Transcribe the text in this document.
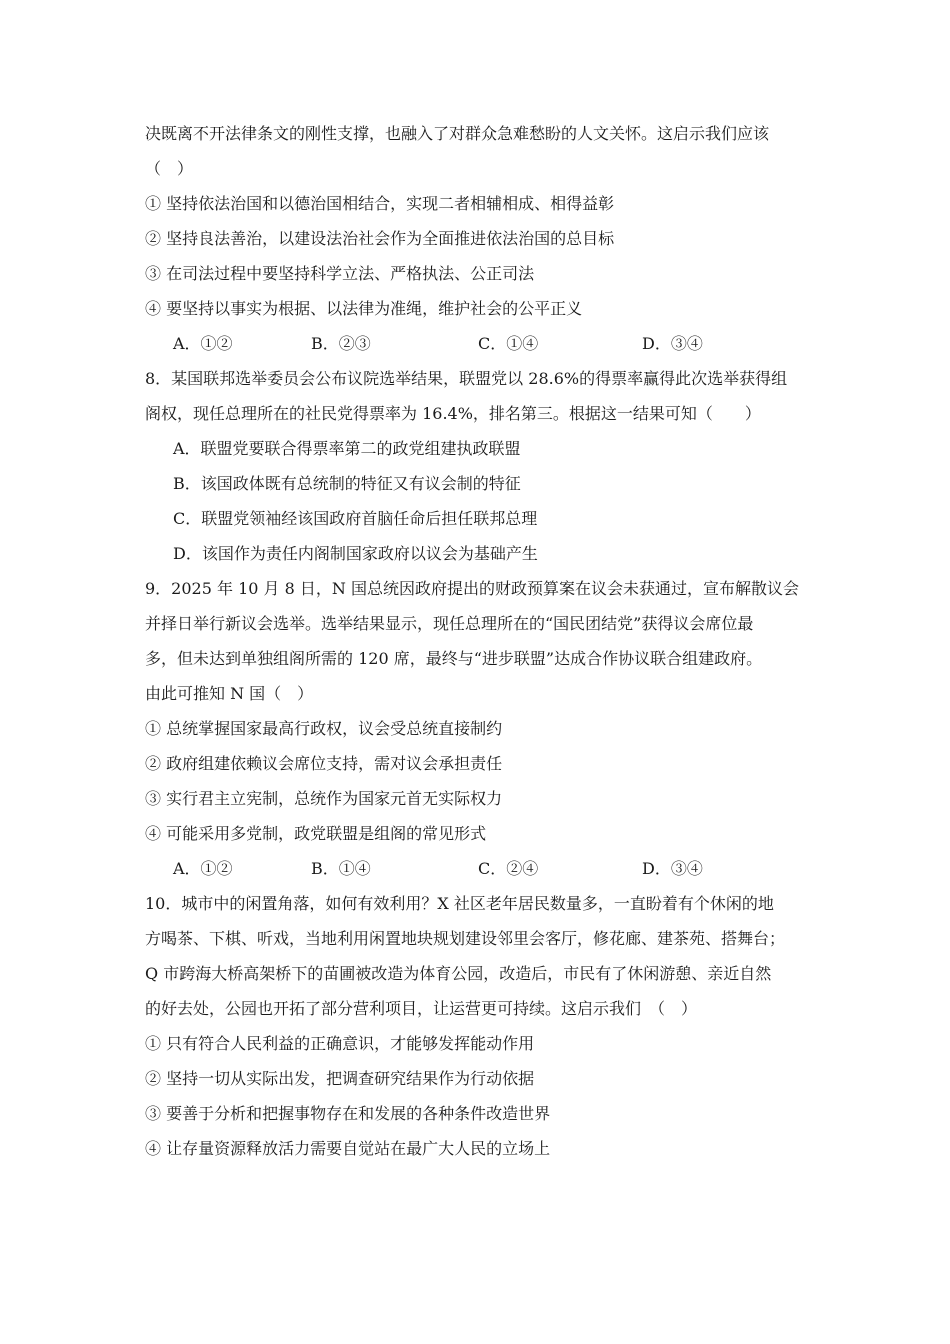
决既离不开法律条文的刚性支撑，也融入了对群众急难愁盼的人文关怀。这启示我们应该
（　）
① 坚持依法治国和以德治国相结合，实现二者相辅相成、相得益彰
② 坚持良法善治，以建设法治社会作为全面推进依法治国的总目标
③ 在司法过程中要坚持科学立法、严格执法、公正司法
④ 要坚持以事实为根据、以法律为准绳，维护社会的公平正义
A．①②	B．②③	C．①④	D．③④
8．某国联邦选举委员会公布议院选举结果，联盟党以 28.6%的得票率赢得此次选举获得组
阁权，现任总理所在的社民党得票率为 16.4%，排名第三。根据这一结果可知（　　）
A．联盟党要联合得票率第二的政党组建执政联盟
B．该国政体既有总统制的特征又有议会制的特征
C．联盟党领袖经该国政府首脑任命后担任联邦总理
D．该国作为责任内阁制国家政府以议会为基础产生
9．2025 年 10 月 8 日，N 国总统因政府提出的财政预算案在议会未获通过，宣布解散议会
并择日举行新议会选举。选举结果显示，现任总理所在的“国民团结党”获得议会席位最
多，但未达到单独组阁所需的 120 席，最终与“进步联盟”达成合作协议联合组建政府。
由此可推知 N 国（　）
① 总统掌握国家最高行政权，议会受总统直接制约
② 政府组建依赖议会席位支持，需对议会承担责任
③ 实行君主立宪制，总统作为国家元首无实际权力
④ 可能采用多党制，政党联盟是组阁的常见形式
A．①②	B．①④	C．②④	D．③④
10．城市中的闲置角落，如何有效利用？X 社区老年居民数量多，一直盼着有个休闲的地
方喝茶、下棋、听戏，当地利用闲置地块规划建设邻里会客厅，修花廊、建茶苑、搭舞台；
Q 市跨海大桥高架桥下的苗圃被改造为体育公园，改造后，市民有了休闲游憩、亲近自然
的好去处，公园也开拓了部分营利项目，让运营更可持续。这启示我们　（　）
① 只有符合人民利益的正确意识，才能够发挥能动作用
② 坚持一切从实际出发，把调查研究结果作为行动依据
③ 要善于分析和把握事物存在和发展的各种条件改造世界
④ 让存量资源释放活力需要自觉站在最广大人民的立场上
